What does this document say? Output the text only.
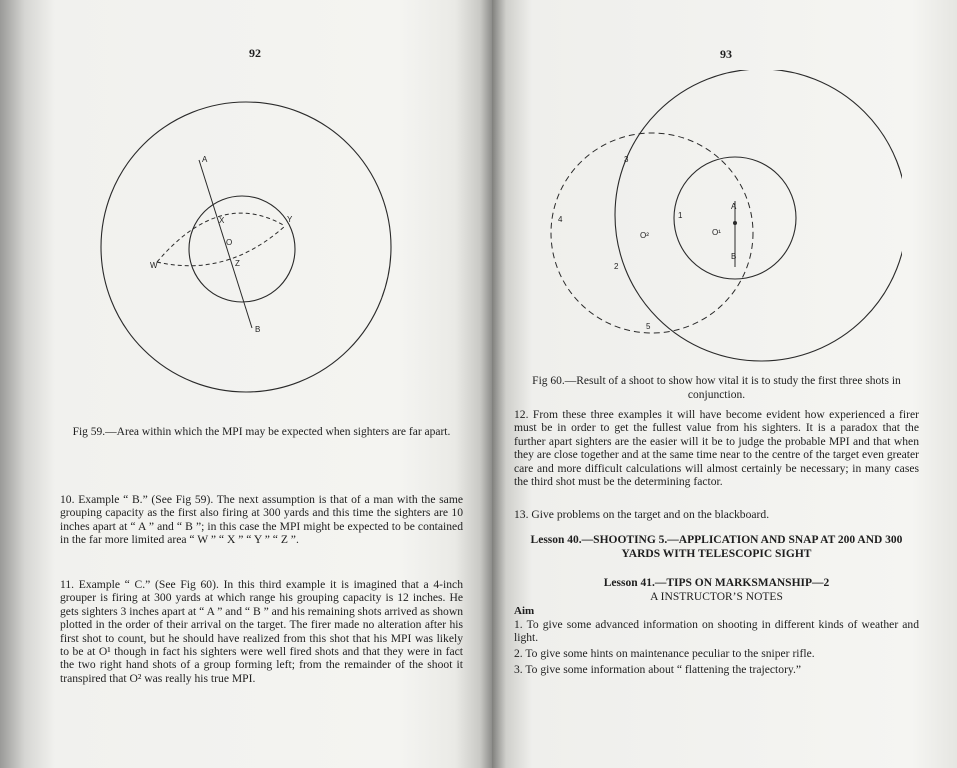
92
A
B
X	Y
W	Z
O
Fig 59.—Area within which the MPI may be expected when sighters are far apart.

10. Example “ B.” (See Fig 59). The next assumption is that of a man with the same grouping capacity as the first also firing at 300 yards and this time the sighters are 10 inches apart at “ A ” and “ B ”; in this case the MPI might be expected to be contained in the far more limited area “ W ” “ X ” “ Y ” “ Z ”.

11. Example “ C.” (See Fig 60). In this third example it is imagined that a 4-inch grouper is firing at 300 yards at which range his grouping capacity is 12 inches. He gets sighters 3 inches apart at “ A ” and “ B ” and his remaining shots arrived as shown plotted in the order of their arrival on the target. The firer made no alteration after his first shot to count, but he should have realized from this shot that his MPI was likely to be at O¹ though in fact his sighters were well fired shots and that they were in fact the two right hand shots of a group forming left; from the remainder of the shoot it transpired that O² was really his true MPI.

93
3
4
2
5
1
O²	O¹
A
B
Fig 60.—Result of a shoot to show how vital it is to study the first three shots in conjunction.

12. From these three examples it will have become evident how experienced a firer must be in order to get the fullest value from his sighters. It is a paradox that the further apart sighters are the easier will it be to judge the probable MPI and that when they are close together and at the same time near to the centre of the target even greater care and more difficult calculations will almost certainly be necessary; in many cases the third shot must be the determining factor.

13. Give problems on the target and on the blackboard.

Lesson 40.—SHOOTING 5.—APPLICATION AND SNAP AT 200 AND 300 YARDS WITH TELESCOPIC SIGHT
Lesson 41.—TIPS ON MARKSMANSHIP—2
A INSTRUCTOR’S NOTES
Aim
1. To give some advanced information on shooting in different kinds of weather and light.
2. To give some hints on maintenance peculiar to the sniper rifle.
3. To give some information about “ flattening the trajectory.”
